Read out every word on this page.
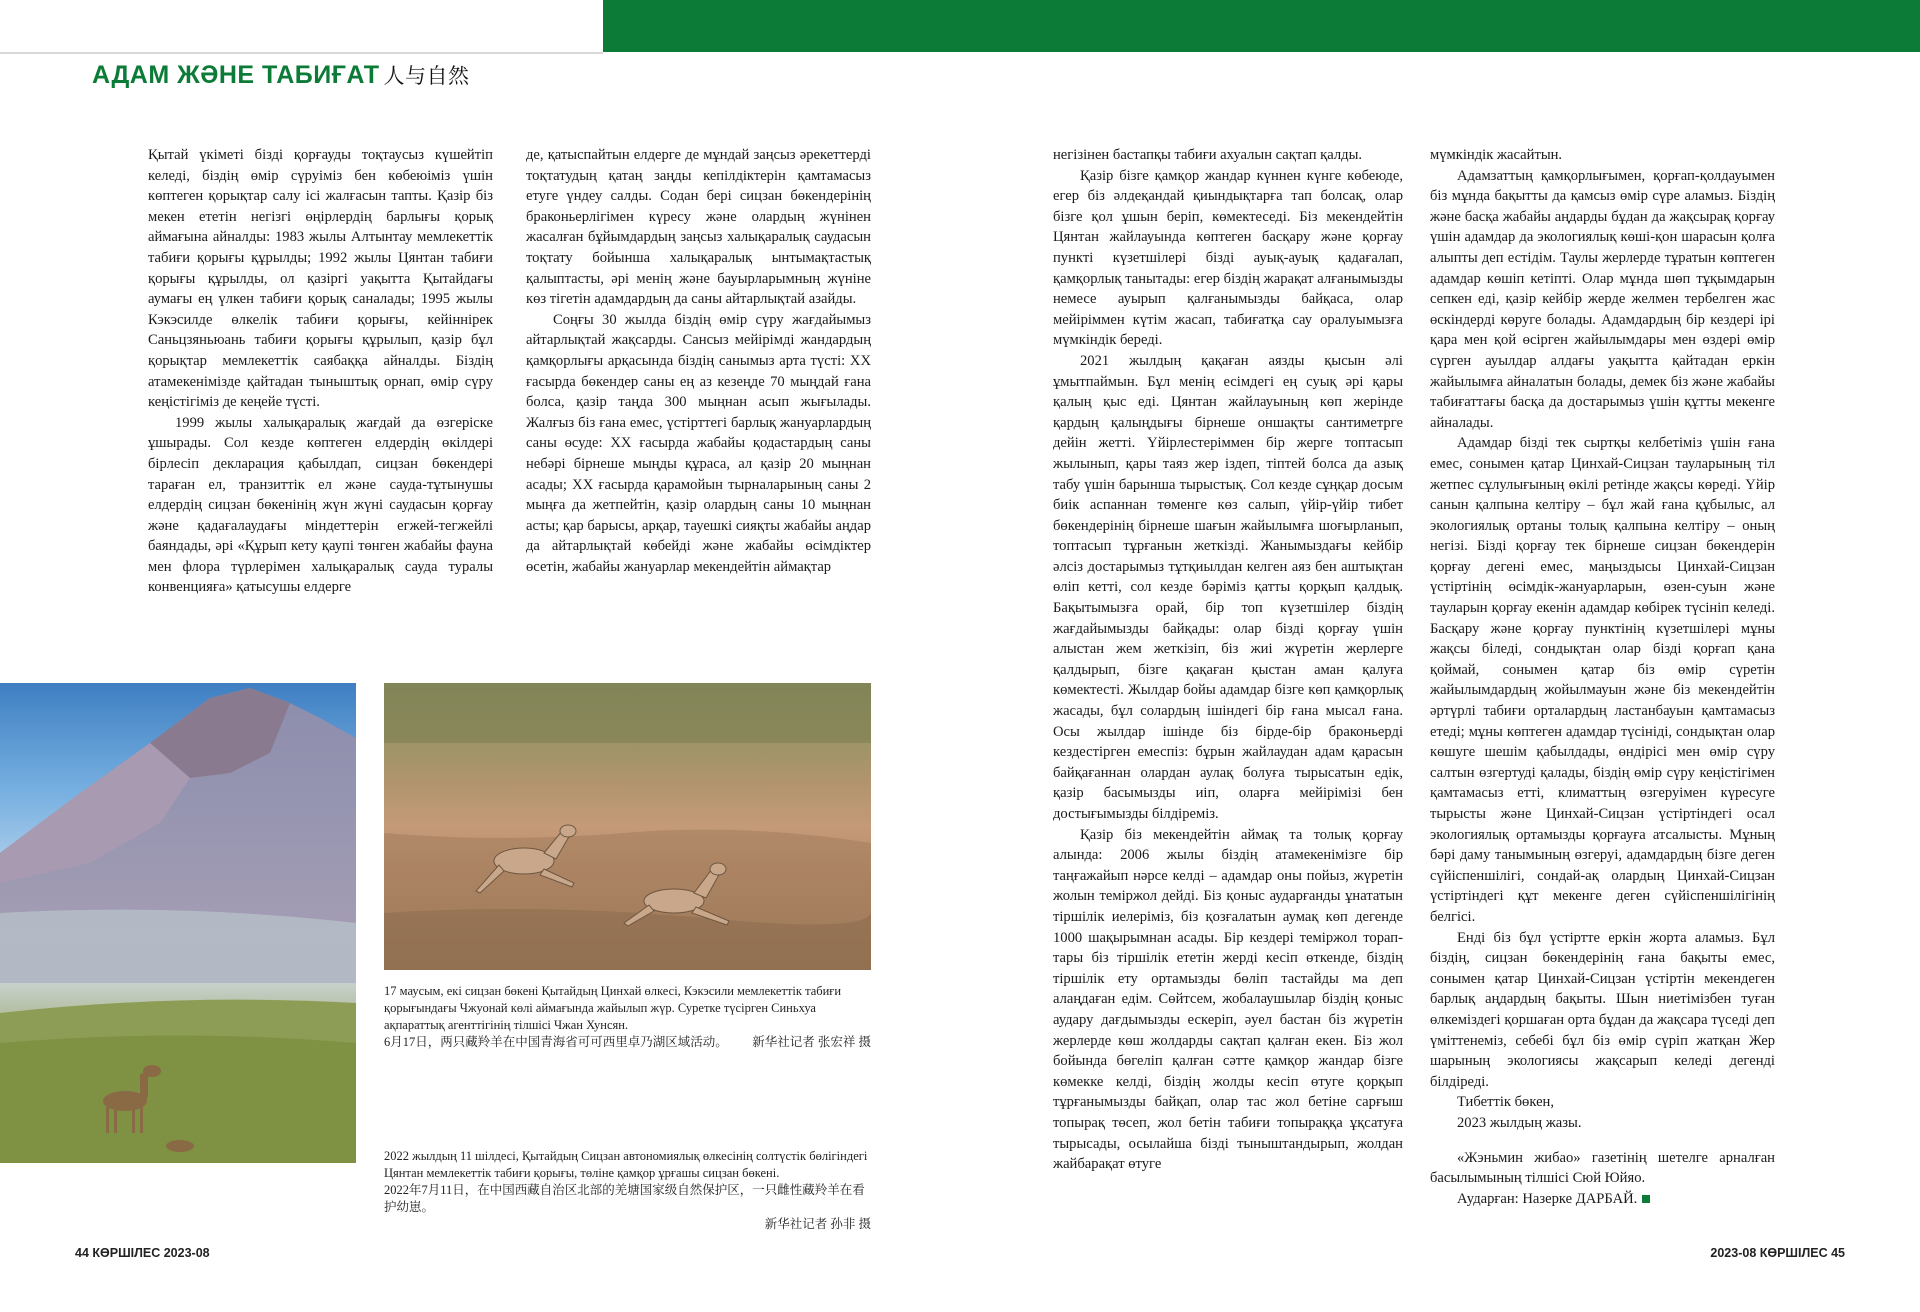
АДАМ ЖӘНЕ ТАБИҒАТ 人与自然

Қытай үкіметі бізді қорғауды тоқтаусыз күшейтіп келеді, біздің өмір сүруіміз бен көбеюіміз үшін көптеген қорықтар салу ісі жалғасын тапты. Қазір біз мекен ететін негізгі өңірлердің барлығы қорық аймағына айналды: 1983 жылы Алтынтау мемлекеттік табиғи қорығы құрылды; 1992 жылы Цянтан табиғи қорығы құрылды, ол қазіргі уақытта Қытайдағы аумағы ең үлкен табиғи қорық саналады; 1995 жылы Кэкэсилде өлкелік табиғи қорығы, кейіннірек Саньцзяньюань табиғи қорығы құрылып, қазір бұл қорықтар мемлекеттік саябаққа айналды. Біздің атамекенімізде қайтадан тыныштық орнап, өмір сүру кеңістігіміз де кеңейе түсті.

1999 жылы халықаралық жағдай да өзгеріске ұшырады. Сол кезде көптеген елдердің өкілдері бірлесіп декларация қабылдап, сицзан бөкендері тараған ел, транзиттік ел және сауда-тұтынушы елдердің сицзан бөкенінің жүн жүні саудасын қорғау және қадағалаудағы міндеттерін егжей-тегжейлі баяндады, әрі «Құрып кету қаупі төнген жабайы фауна мен флора түрлерімен халықаралық сауда туралы конвенцияға» қатысушы елдерге

де, қатыспайтын елдерге де мұндай заңсыз әрекеттерді тоқтатудың қатаң заңды кепілдіктерін қамтамасыз етуге үндеу салды. Содан бері сицзан бөкендерінің браконьерлігімен күресу және олардың жүнінен жасалған бұйымдардың заңсыз халықаралық саудасын тоқтату бойынша халықаралық ынтымақтастық қалыптасты, әрі менің және бауырларымның жүніне көз тігетін адамдардың да саны айтарлықтай азайды.

Соңғы 30 жылда біздің өмір сүру жағдайымыз айтарлықтай жақсарды. Сансыз мейірімді жандардың қамқорлығы арқасында біздің санымыз арта түсті: ХХ ғасырда бөкендер саны ең аз кезеңде 70 мыңдай ғана болса, қазір таңда 300 мыңнан асып жығылады. Жалғыз біз ғана емес, үстірттегі барлық жануарлардың саны өсуде: ХХ ғасырда жабайы қодастардың саны небәрі бірнеше мыңды құраса, ал қазір 20 мыңнан асады; ХХ ғасырда қарамойын тырналарының саны 2 мыңға да жетпейтін, қазір олардың саны 10 мыңнан асты; қар барысы, арқар, тауешкі сияқты жабайы аңдар да айтарлықтай көбейді және жабайы өсімдіктер өсетін, жабайы жануарлар мекендейтін аймақтар

негізінен бастапқы табиғи ахуалын сақтап қалды.

Қазір бізге қамқор жандар күннен күнге көбеюде, егер біз әлдеқандай қиындықтарға тап болсақ, олар бізге қол ұшын беріп, көмектеседі. Біз мекендейтін Цянтан жайлауында көптеген басқару және қорғау пункті күзетшілері бізді ауық-ауық қадағалап, қамқорлық танытады: егер біздің жарақат алғанымызды немесе ауырып қалғанымызды байқаса, олар мейіріммен күтім жасап, табиғатқа сау оралуымызға мүмкіндік береді.

2021 жылдың қақаған аязды қысын әлі ұмытпаймын. Бұл менің есімдегі ең суық әрі қары қалың қыс еді. Цянтан жайлауының көп жерінде қардың қалыңдығы бірнеше оншақты сантиметрге дейін жетті. Үйірлестеріммен бір жерге топтасып жылынып, қары таяз жер іздеп, тіптей болса да азық табу үшін барынша тырыстық. Сол кезде сұңқар досым биік аспаннан төменге көз салып, үйір-үйір тибет бөкендерінің бірнеше шағын жайылымға шоғырланып, топтасып тұрғанын жеткізді. Жанымыздағы кейбір әлсіз достарымыз тұтқиылдан келген аяз бен аштықтан өліп кетті, сол кезде бәріміз қатты қорқып қалдық. Бақытымызға орай, бір топ күзетшілер біздің жағдайымызды байқады: олар бізді қорғау үшін алыстан жем жеткізіп, біз жиі жүретін жерлерге қалдырып, бізге қақаған қыстан аман қалуға көмектесті. Жылдар бойы адамдар бізге көп қамқорлық жасады, бұл солардың ішіндегі бір ғана мысал ғана. Осы жылдар ішінде біз бірде-бір браконьерді кездестірген емеспіз: бұрын жайлаудан адам қарасын байқағаннан олардан аулақ болуға тырысатын едік, қазір басымызды иіп, оларға мейірімізі бен достығымызды білдіреміз.

Қазір біз мекендейтін аймақ та толық қорғау алында: 2006 жылы біздің атамекенімізге бір таңғажайып нәрсе келді – адамдар оны пойыз, жүретін жолын теміржол дейді. Біз қоныс аударғанды ұнататын тіршілік иелеріміз, біз қозғалатын аумақ көп дегенде 1000 шақырымнан асады. Бір кездері теміржол тораптары біз тіршілік ететін жерді кесіп өткенде, біздің тіршілік ету ортамызды бөліп тастайды ма деп алаңдаған едім. Сөйтсем, жобалаушылар біздің қоныс аудару дағдымызды ескеріп, әуел бастан біз жүретін жерлерде көш жолдарды сақтап қалған екен. Біз жол бойында бөгеліп қалған сәтте қамқор жандар бізге көмекке келді, біздің жолды кесіп өтуге қорқып тұрғанымызды байқап, олар тас жол бетіне сарғыш топырақ төсеп, жол бетін табиғи топыраққа ұқсатуға тырысады, осылайша бізді тыныштандырып, жолдан жайбарақат өтуге

мүмкіндік жасайтын.

Адамзаттың қамқорлығымен, қорғап-қолдауымен біз мұнда бақытты да қамсыз өмір сүре аламыз. Біздің және басқа жабайы аңдарды бұдан да жақсырақ қорғау үшін адамдар да экологиялық көші-қон шарасын қолға алыпты деп естідім. Таулы жерлерде тұратын көптеген адамдар көшіп кетіпті. Олар мұнда шөп тұқымдарын сепкен еді, қазір кейбір жерде желмен тербелген жас өскіндерді көруге болады. Адамдардың бір кездері ірі қара мен қой өсірген жайылымдары мен өздері өмір сүрген ауылдар алдағы уақытта қайтадан еркін жайылымға айналатын болады, демек біз және жабайы табиғаттағы басқа да достарымыз үшін құтты мекенге айналады.

Адамдар бізді тек сыртқы келбетіміз үшін ғана емес, сонымен қатар Цинхай-Сицзан тауларының тіл жетпес сұлулығының өкілі ретінде жақсы көреді. Үйір санын қалпына келтіру – бұл жай ғана құбылыс, ал экологиялық ортаны толық қалпына келтіру – оның негізі. Бізді қорғау тек бірнеше сицзан бөкендерін қорғау дегені емес, маңыздысы Цинхай-Сицзан үстіртінің өсімдік-жануарларын, өзен-суын және тауларын қорғау екенін адамдар көбірек түсініп келеді. Басқару және қорғау пунктінің күзетшілері мұны жақсы біледі, сондықтан олар бізді қорғап қана қоймай, сонымен қатар біз өмір сүретін жайылымдардың жойылмауын және біз мекендейтін әртүрлі табиғи орталардың ластанбауын қамтамасыз етеді; мұны көптеген адамдар түсініді, сондықтан олар көшуге шешім қабылдады, өндірісі мен өмір сүру салтын өзгертуді қалады, біздің өмір сүру кеңістігімен қамтамасыз етті, климаттың өзгеруімен күресуге тырысты және Цинхай-Сицзан үстіртіндегі осал экологиялық ортамызды қорғауға атсалысты. Мұның бәрі даму танымының өзгеруі, адамдардың бізге деген сүйіспеншілігі, сондай-ақ олардың Цинхай-Сицзан үстіртіндегі құт мекенге деген сүйіспеншілігінің белгісі.

Енді біз бұл үстіртте еркін жорта аламыз. Бұл біздің, сицзан бөкендерінің ғана бақыты емес, сонымен қатар Цинхай-Сицзан үстіртін мекендеген барлық аңдардың бақыты. Шын ниетімізбен туған өлкеміздегі қоршаған орта бұдан да жақсара түседі деп үміттенеміз, себебі бұл біз өмір сүріп жатқан Жер шарының экологиясы жақсарып келеді дегенді білдіреді.

Тибеттік бөкен,

2023 жылдың жазы.

«Жэньмин жибао» газетінің шетелге арналған басылымының тілшісі Сюй Юйяо.

Аударған: Назерке ДАРБАЙ.

17 маусым, екі сицзан бөкені Қытайдың Цинхай өлкесі, Кэкэсили мемлекеттік табиғи қорығындағы Чжуонай көлі аймағында жайылып жүр. Суретке түсірген Синьхуа ақпараттық агенттігінің тілшісі Чжан Хунсян.
6月17日，两只藏羚羊在中国青海省可可西里卓乃湖区域活动。 新华社记者 张宏祥 摄
2022 жылдың 11 шілдесі, Қытайдың Сицзан автономиялық өлкесінің солтүстік бөлігіндегі Цянтан мемлекеттік табиғи қорығы, төліне қамқор ұрғашы сицзан бөкені.
2022年7月11日，在中国西藏自治区北部的羌塘国家级自然保护区，一只雌性藏羚羊在看护幼崽。
新华社记者 孙非 摄
44 КӨРШІЛЕС 2023-08	2023-08 КӨРШІЛЕС 45
